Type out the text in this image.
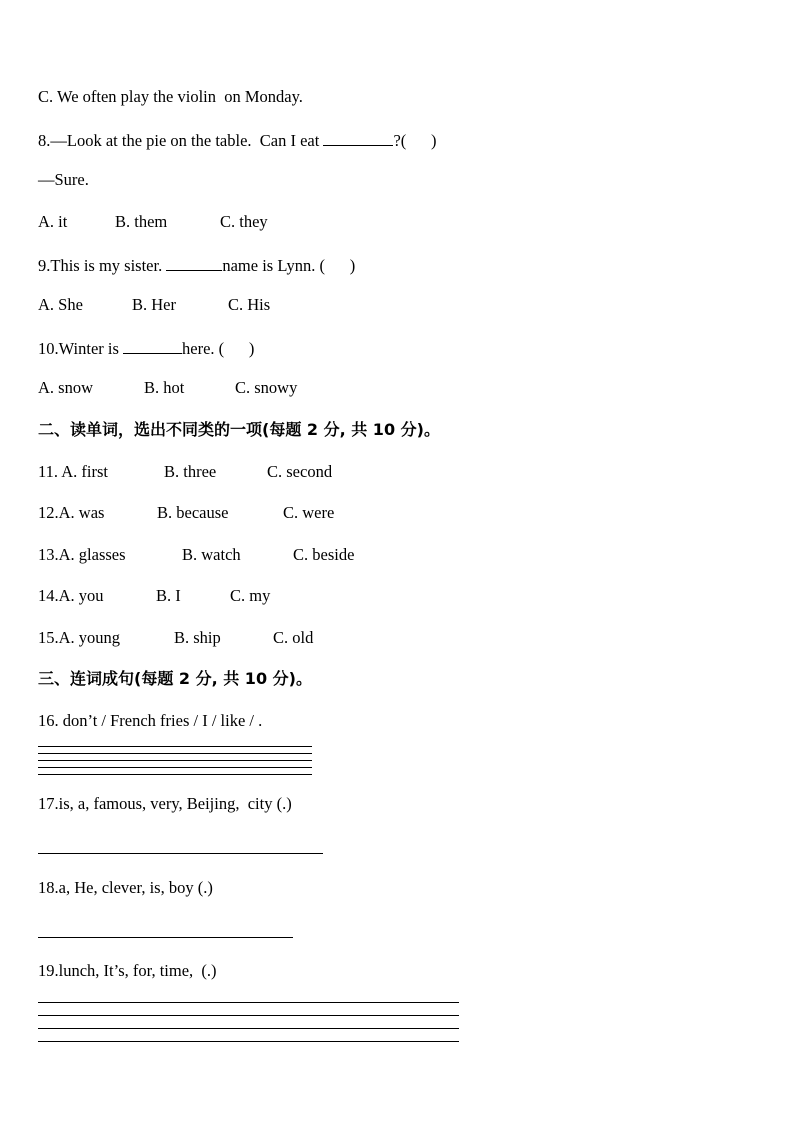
C. We often play the violin  on Monday.
8.—Look at the pie on the table.  Can I eat	?(      )
—Sure.
A. it	B. them	C. they
9.This is my sister.	name is Lynn. (      )
A. She	B. Her	C. His
10.Winter is	here. (      )
A. snow	B. hot	C. snowy
二、读单词，选出不同类的一项(每题 2 分, 共 10 分)。
11. A. first	B. three	C. second
12.A. was	B. because	C. were
13.A. glasses	B. watch	C. beside
14.A. you	B. I	C. my
15.A. young	B. ship	C. old
三、连词成句(每题 2 分, 共 10 分)。
16. don’t / French fries / I / like / .
17.is, a, famous, very, Beijing,  city (.)
18.a, He, clever, is, boy (.)
19.lunch, It’s, for, time,  (.)
